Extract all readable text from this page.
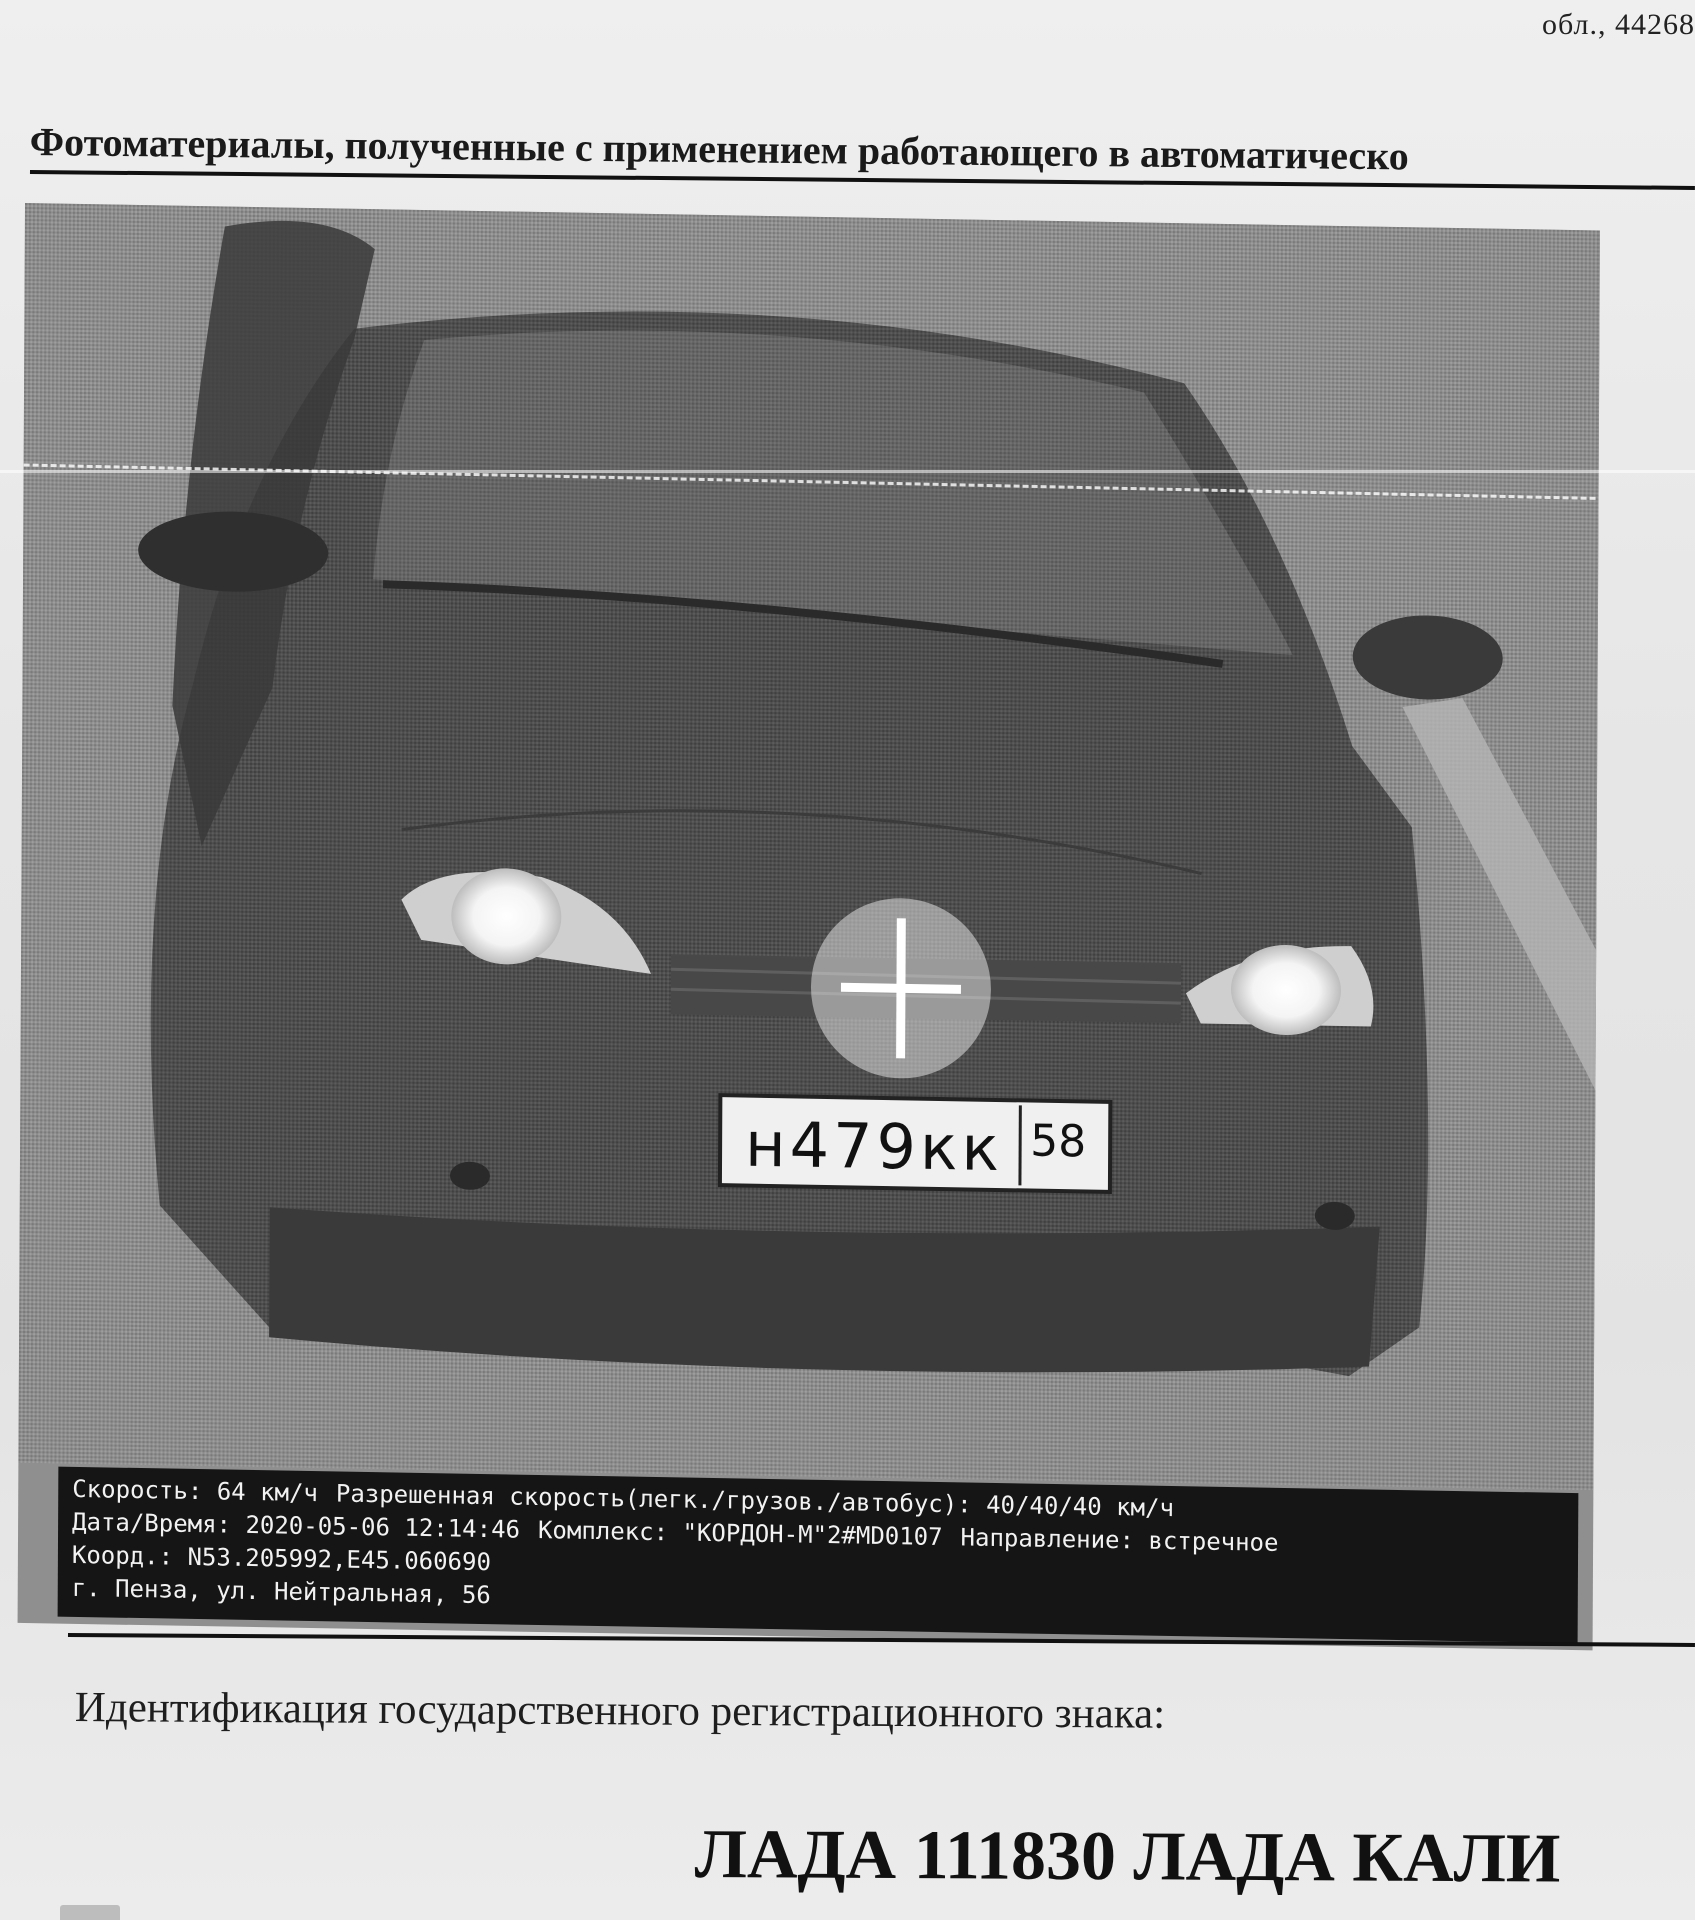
обл., 44268
Фотоматериалы, полученные с применением работающего в автоматическо
н479кк 58
Скорость: 64 км/ч Разрешенная скорость(легк./грузов./автобус): 40/40/40 км/ч
Дата/Время: 2020-05-06 12:14:46 Комплекс: "КОРДОН-М"2#MD0107 Направление: встречное
Коорд.: N53.205992,E45.060690
г. Пенза, ул. Нейтральная, 56
Идентификация государственного регистрационного знака:
ЛАДА 111830 ЛАДА КАЛИ
